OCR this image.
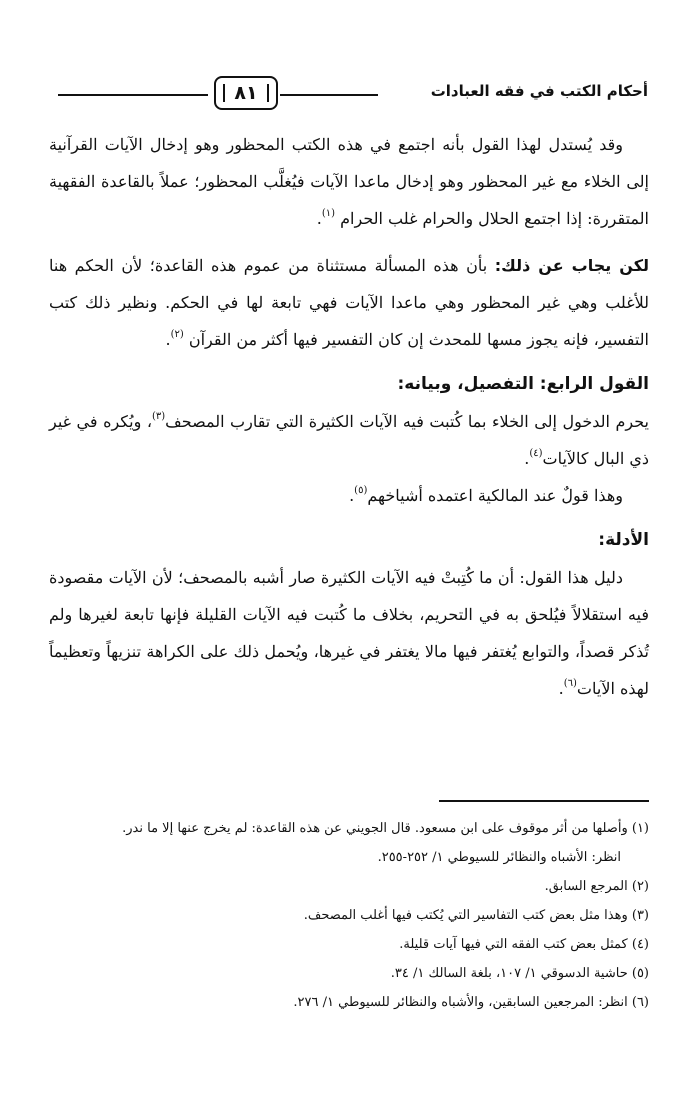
أحكام الكتب في فقه العبادات
٨١

وقد يُستدل لهذا القول بأنه اجتمع في هذه الكتب المحظور وهو إدخال الآيات القرآنية إلى الخلاء مع غير المحظور وهو إدخال ماعدا الآيات فيُغلَّب المحظور؛ عملاً بالقاعدة الفقهية المتقررة: إذا اجتمع الحلال والحرام غلب الحرام $^{(١)}$.

لكن يجاب عن ذلك: بأن هذه المسألة مستثناة من عموم هذه القاعدة؛ لأن الحكم هنا للأغلب وهي غير المحظور وهي ماعدا الآيات فهي تابعة لها في الحكم. ونظير ذلك كتب التفسير، فإنه يجوز مسها للمحدث إن كان التفسير فيها أكثر من القرآن $^{(٢)}$.

القول الرابع: التفصيل، وبيانه:

يحرم الدخول إلى الخلاء بما كُتبت فيه الآيات الكثيرة التي تقارب المصحف$^{(٣)}$، ويُكره في غير ذي البال كالآيات$^{(٤)}$.

وهذا قولٌ عند المالكية اعتمده أشياخهم$^{(٥)}$.

الأدلة:

دليل هذا القول: أن ما كُتِبتْ فيه الآيات الكثيرة صار أشبه بالمصحف؛ لأن الآيات مقصودة فيه استقلالاً فيُلحق به في التحريم، بخلاف ما كُتبت فيه الآيات القليلة فإنها تابعة لغيرها ولم تُذكر قصداً، والتوابع يُغتفر فيها مالا يغتفر في غيرها، ويُحمل ذلك على الكراهة تنزيهاً وتعظيماً لهذه الآيات$^{(٦)}$.

(١) وأصلها من أثر موقوف على ابن مسعود. قال الجويني عن هذه القاعدة: لم يخرج عنها إلا ما ندر.

انظر: الأشباه والنظائر للسيوطي ١/ ٢٥٢-٢٥٥.

(٢) المرجع السابق.

(٣) وهذا مثل بعض كتب التفاسير التي يُكتب فيها أغلب المصحف.

(٤) كمثل بعض كتب الفقه التي فيها آيات قليلة.

(٥) حاشية الدسوقي ١/ ١٠٧، بلغة السالك ١/ ٣٤.

(٦) انظر: المرجعين السابقين، والأشباه والنظائر للسيوطي ١/ ٢٧٦.
